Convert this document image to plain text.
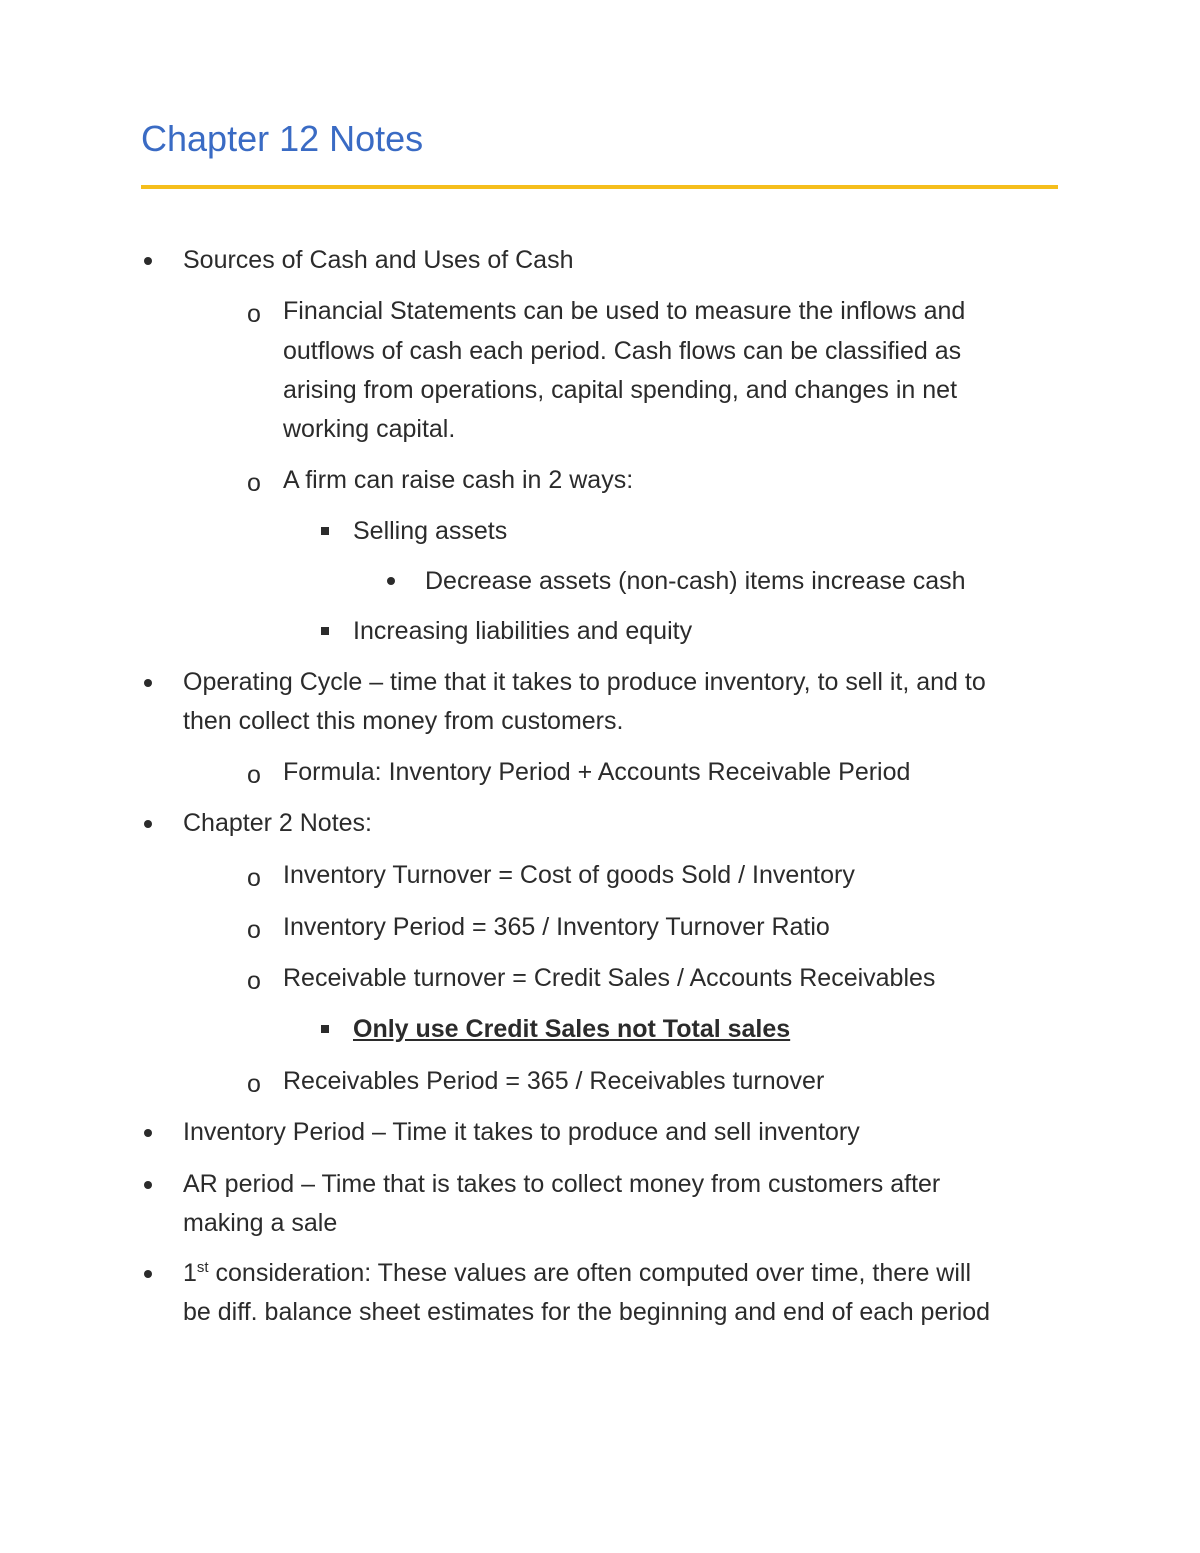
Chapter 12 Notes
Sources of Cash and Uses of Cash
o Financial Statements can be used to measure the inflows and
outflows of cash each period. Cash flows can be classified as
arising from operations, capital spending, and changes in net
working capital.
o A firm can raise cash in 2 ways:
Selling assets
Decrease assets (non-cash) items increase cash
Increasing liabilities and equity
Operating Cycle – time that it takes to produce inventory, to sell it, and to
then collect this money from customers.
o Formula: Inventory Period + Accounts Receivable Period
Chapter 2 Notes:
o Inventory Turnover = Cost of goods Sold / Inventory
o Inventory Period = 365 / Inventory Turnover Ratio
o Receivable turnover = Credit Sales / Accounts Receivables
Only use Credit Sales not Total sales
o Receivables Period = 365 / Receivables turnover
Inventory Period – Time it takes to produce and sell inventory
AR period – Time that is takes to collect money from customers after
making a sale
1st consideration: These values are often computed over time, there will
be diff. balance sheet estimates for the beginning and end of each period
